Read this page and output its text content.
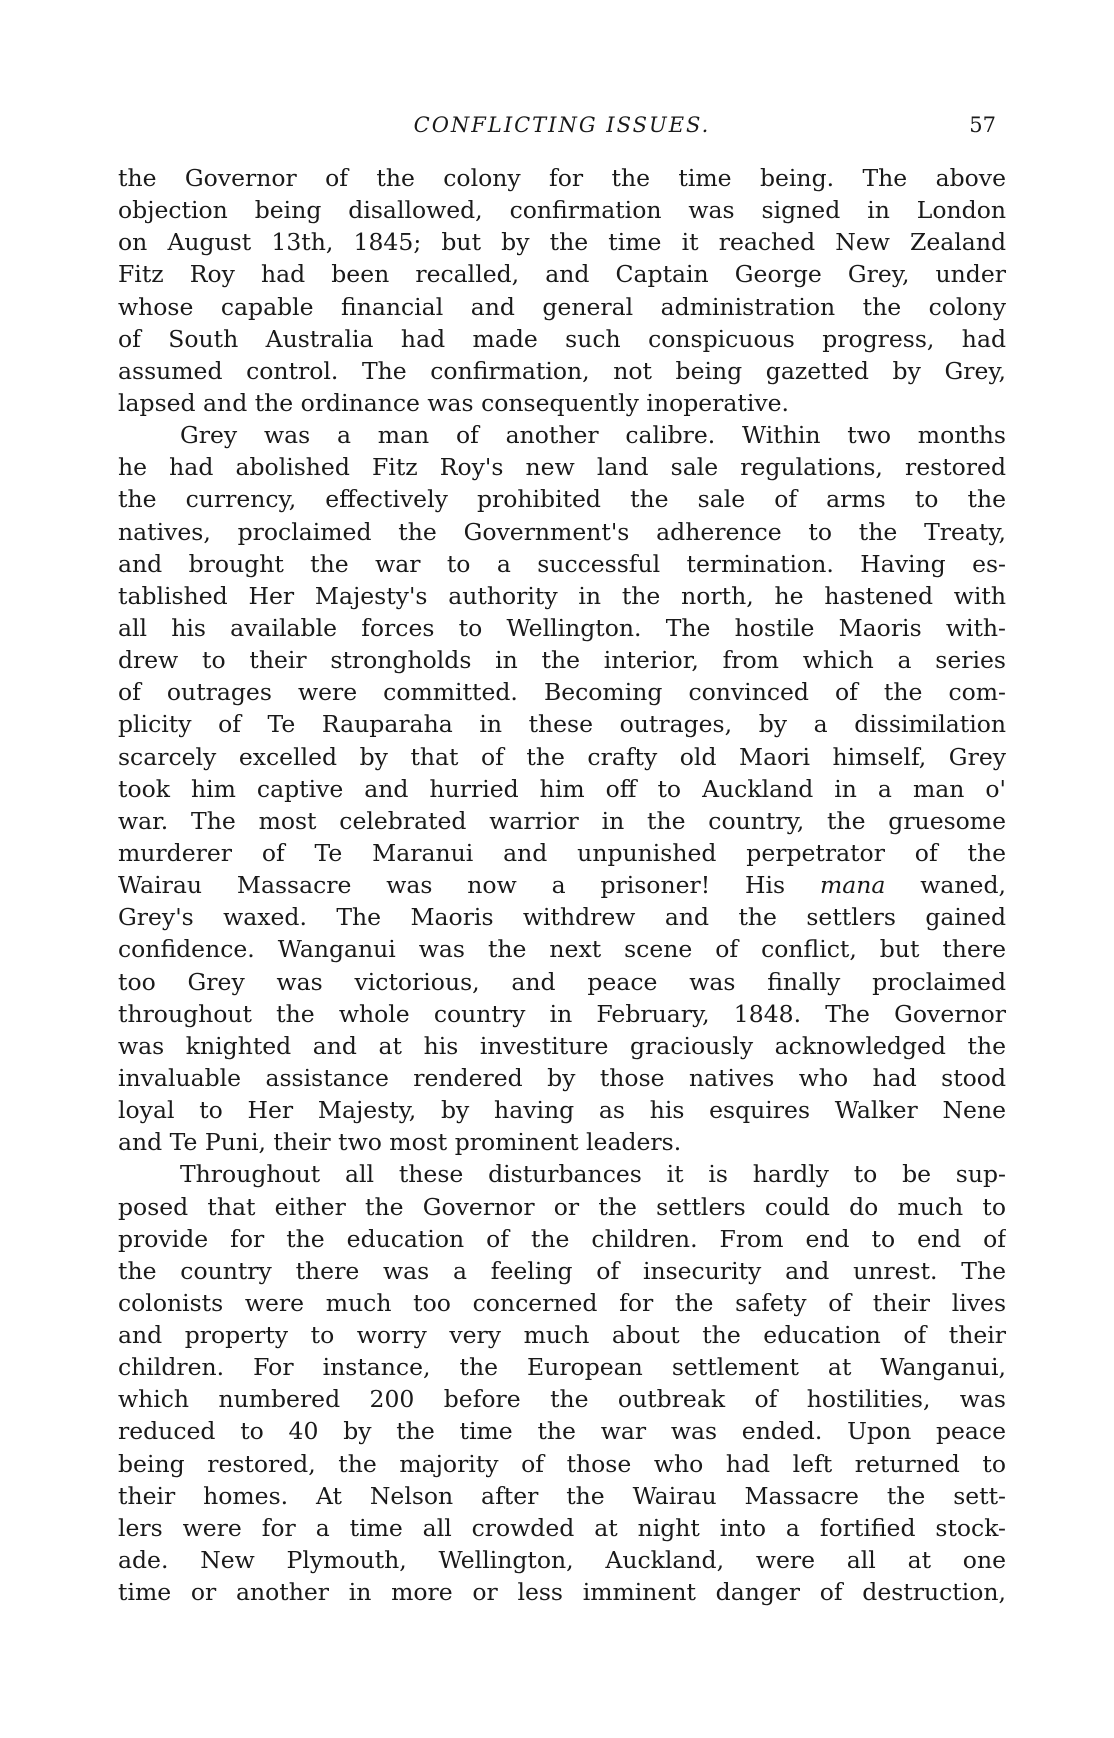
CONFLICTING ISSUES.	57
the Governor of the colony for the time being. The above
objection being disallowed, confirmation was signed in London
on August 13th, 1845; but by the time it reached New Zealand
Fitz Roy had been recalled, and Captain George Grey, under
whose capable financial and general administration the colony
of South Australia had made such conspicuous progress, had
assumed control. The confirmation, not being gazetted by Grey,
lapsed and the ordinance was consequently inoperative.
Grey was a man of another calibre. Within two months
he had abolished Fitz Roy's new land sale regulations, restored
the currency, effectively prohibited the sale of arms to the
natives, proclaimed the Government's adherence to the Treaty,
and brought the war to a successful termination. Having es-
tablished Her Majesty's authority in the north, he hastened with
all his available forces to Wellington. The hostile Maoris with-
drew to their strongholds in the interior, from which a series
of outrages were committed. Becoming convinced of the com-
plicity of Te Rauparaha in these outrages, by a dissimilation
scarcely excelled by that of the crafty old Maori himself, Grey
took him captive and hurried him off to Auckland in a man o'
war. The most celebrated warrior in the country, the gruesome
murderer of Te Maranui and unpunished perpetrator of the
Wairau Massacre was now a prisoner! His mana waned,
Grey's waxed. The Maoris withdrew and the settlers gained
confidence. Wanganui was the next scene of conflict, but there
too Grey was victorious, and peace was finally proclaimed
throughout the whole country in February, 1848. The Governor
was knighted and at his investiture graciously acknowledged the
invaluable assistance rendered by those natives who had stood
loyal to Her Majesty, by having as his esquires Walker Nene
and Te Puni, their two most prominent leaders.
Throughout all these disturbances it is hardly to be sup-
posed that either the Governor or the settlers could do much to
provide for the education of the children. From end to end of
the country there was a feeling of insecurity and unrest. The
colonists were much too concerned for the safety of their lives
and property to worry very much about the education of their
children. For instance, the European settlement at Wanganui,
which numbered 200 before the outbreak of hostilities, was
reduced to 40 by the time the war was ended. Upon peace
being restored, the majority of those who had left returned to
their homes. At Nelson after the Wairau Massacre the sett-
lers were for a time all crowded at night into a fortified stock-
ade. New Plymouth, Wellington, Auckland, were all at one
time or another in more or less imminent danger of destruction,
